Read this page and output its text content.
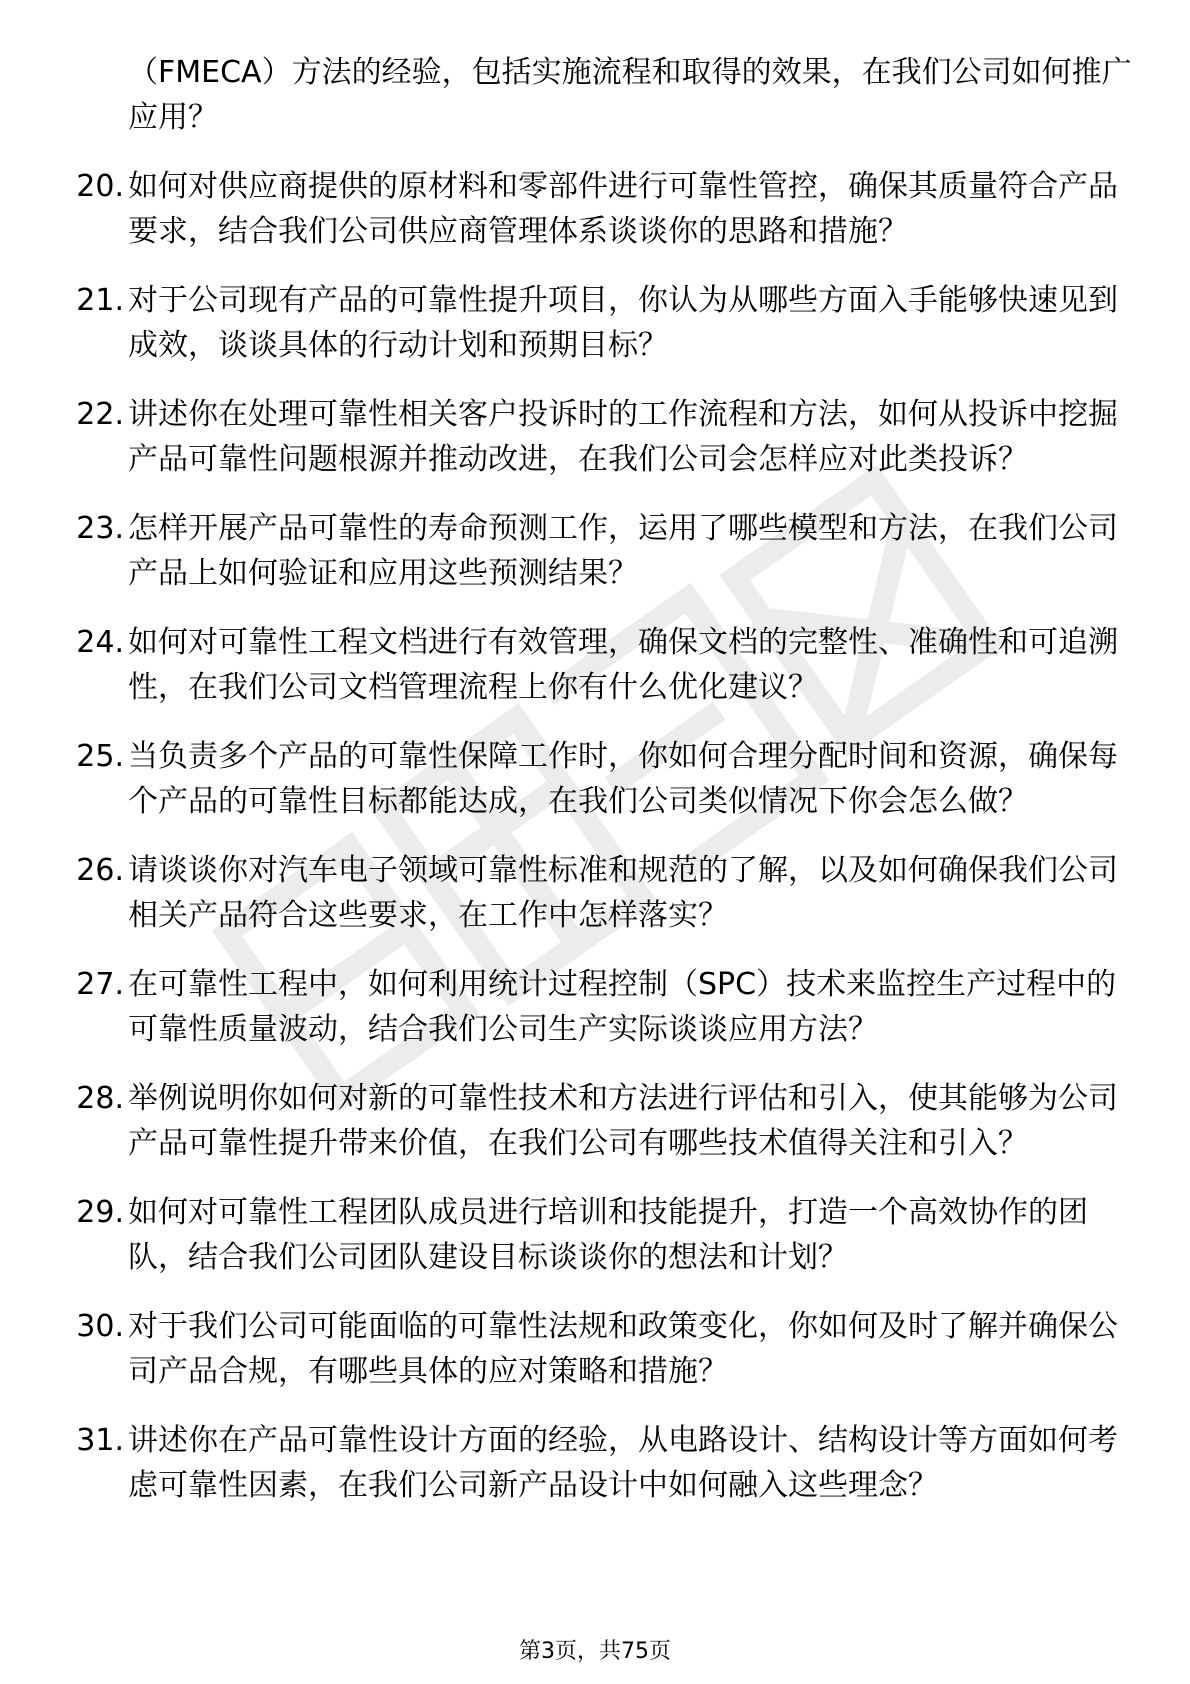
（FMECA）方法的经验，包括实施流程和取得的效果，在我们公司如何推广应用？
20. 如何对供应商提供的原材料和零部件进行可靠性管控，确保其质量符合产品要求，结合我们公司供应商管理体系谈谈你的思路和措施？
21. 对于公司现有产品的可靠性提升项目，你认为从哪些方面入手能够快速见到成效，谈谈具体的行动计划和预期目标？
22. 讲述你在处理可靠性相关客户投诉时的工作流程和方法，如何从投诉中挖掘产品可靠性问题根源并推动改进，在我们公司会怎样应对此类投诉？
23. 怎样开展产品可靠性的寿命预测工作，运用了哪些模型和方法，在我们公司产品上如何验证和应用这些预测结果？
24. 如何对可靠性工程文档进行有效管理，确保文档的完整性、准确性和可追溯性，在我们公司文档管理流程上你有什么优化建议？
25. 当负责多个产品的可靠性保障工作时，你如何合理分配时间和资源，确保每个产品的可靠性目标都能达成，在我们公司类似情况下你会怎么做？
26. 请谈谈你对汽车电子领域可靠性标准和规范的了解，以及如何确保我们公司相关产品符合这些要求，在工作中怎样落实？
27. 在可靠性工程中，如何利用统计过程控制（SPC）技术来监控生产过程中的可靠性质量波动，结合我们公司生产实际谈谈应用方法？
28. 举例说明你如何对新的可靠性技术和方法进行评估和引入，使其能够为公司产品可靠性提升带来价值，在我们公司有哪些技术值得关注和引入？
29. 如何对可靠性工程团队成员进行培训和技能提升，打造一个高效协作的团队，结合我们公司团队建设目标谈谈你的想法和计划？
30. 对于我们公司可能面临的可靠性法规和政策变化，你如何及时了解并确保公司产品合规，有哪些具体的应对策略和措施？
31. 讲述你在产品可靠性设计方面的经验，从电路设计、结构设计等方面如何考虑可靠性因素，在我们公司新产品设计中如何融入这些理念？
第3页，共75页
